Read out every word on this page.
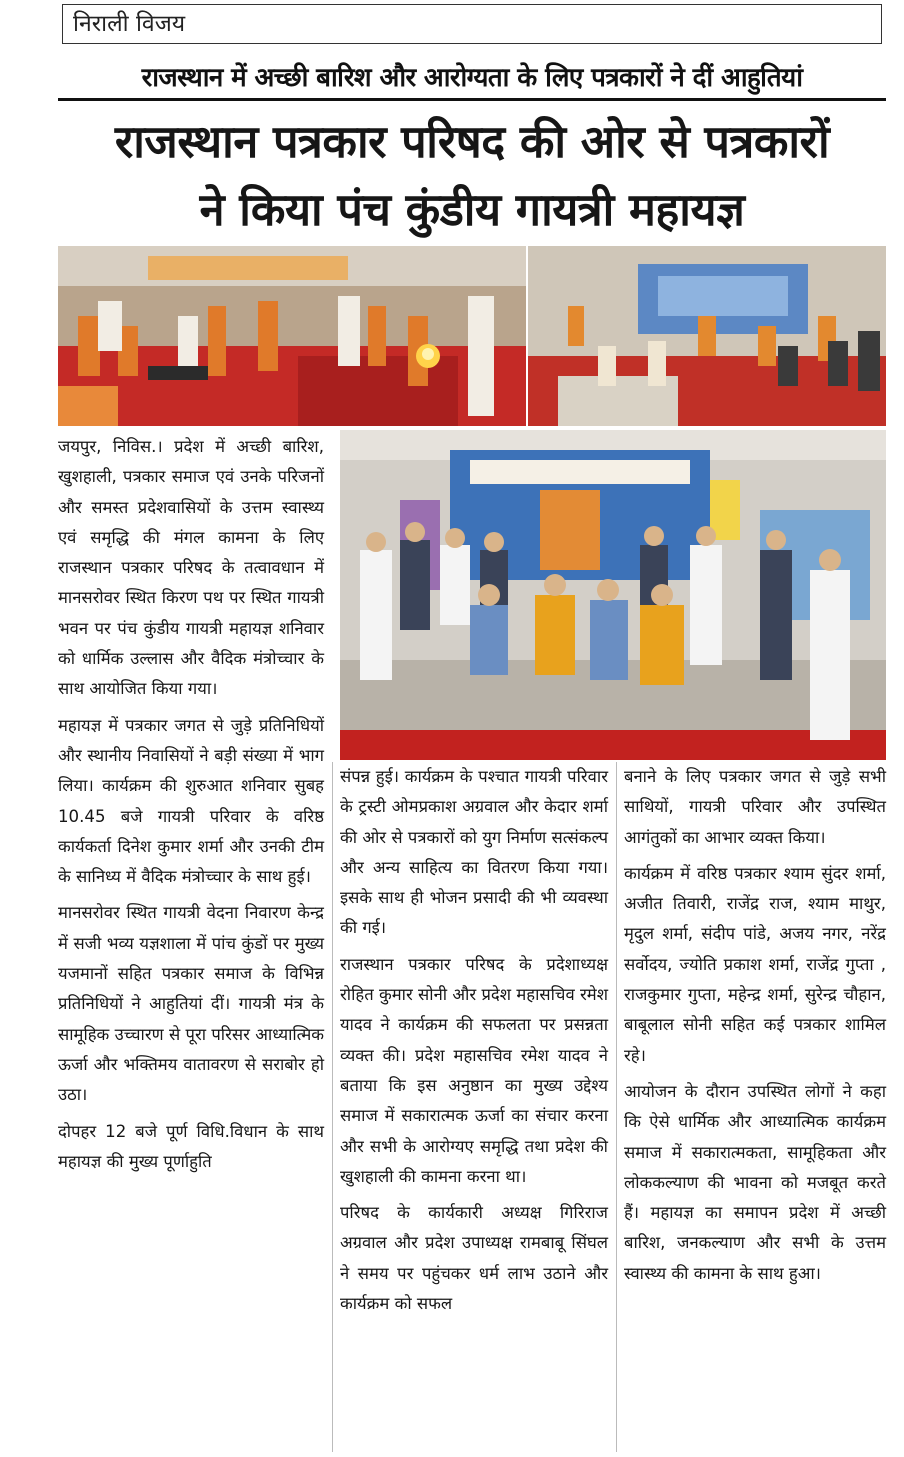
निराली विजय
राजस्थान में अच्छी बारिश और आरोग्यता के लिए पत्रकारों ने दीं आहुतियां
राजस्थान पत्रकार परिषद की ओर से पत्रकारों
ने किया पंच कुंडीय गायत्री महायज्ञ

जयपुर, निविस.। प्रदेश में अच्छी बारिश, खुशहाली, पत्रकार समाज एवं उनके परिजनों और समस्त प्रदेशवासियों के उत्तम स्वास्थ्य एवं समृद्धि की मंगल कामना के लिए राजस्थान पत्रकार परिषद के तत्वावधान में मानसरोवर स्थित किरण पथ पर स्थित गायत्री भवन पर पंच कुंडीय गायत्री महायज्ञ शनिवार को धार्मिक उल्लास और वैदिक मंत्रोच्चार के साथ आयोजित किया गया।

महायज्ञ में पत्रकार जगत से जुड़े प्रतिनिधियों और स्थानीय निवासियों ने बड़ी संख्या में भाग लिया। कार्यक्रम की शुरुआत शनिवार सुबह 10.45 बजे गायत्री परिवार के वरिष्ठ कार्यकर्ता दिनेश कुमार शर्मा और उनकी टीम के सानिध्य में वैदिक मंत्रोच्चार के साथ हुई।

मानसरोवर स्थित गायत्री वेदना निवारण केन्द्र में सजी भव्य यज्ञशाला में पांच कुंडों पर मुख्य यजमानों सहित पत्रकार समाज के विभिन्न प्रतिनिधियों ने आहुतियां दीं। गायत्री मंत्र के सामूहिक उच्चारण से पूरा परिसर आध्यात्मिक ऊर्जा और भक्तिमय वातावरण से सराबोर हो उठा।

दोपहर 12 बजे पूर्ण विधि.विधान के साथ महायज्ञ की मुख्य पूर्णाहुति

संपन्न हुई। कार्यक्रम के पश्चात गायत्री परिवार के ट्रस्टी ओमप्रकाश अग्रवाल और केदार शर्मा की ओर से पत्रकारों को युग निर्माण सत्संकल्प और अन्य साहित्य का वितरण किया गया। इसके साथ ही भोजन प्रसादी की भी व्यवस्था की गई।

राजस्थान पत्रकार परिषद के प्रदेशाध्यक्ष रोहित कुमार सोनी और प्रदेश महासचिव रमेश यादव ने कार्यक्रम की सफलता पर प्रसन्नता व्यक्त की। प्रदेश महासचिव रमेश यादव ने बताया कि इस अनुष्ठान का मुख्य उद्देश्य समाज में सकारात्मक ऊर्जा का संचार करना और सभी के आरोग्यए समृद्धि तथा प्रदेश की खुशहाली की कामना करना था।

परिषद के कार्यकारी अध्यक्ष गिरिराज अग्रवाल और प्रदेश उपाध्यक्ष रामबाबू सिंघल ने समय पर पहुंचकर धर्म लाभ उठाने और कार्यक्रम को सफल

बनाने के लिए पत्रकार जगत से जुड़े सभी साथियों, गायत्री परिवार और उपस्थित आगंतुकों का आभार व्यक्त किया।

कार्यक्रम में वरिष्ठ पत्रकार श्याम सुंदर शर्मा, अजीत तिवारी, राजेंद्र राज, श्याम माथुर, मृदुल शर्मा, संदीप पांडे, अजय नगर, नरेंद्र सर्वोदय, ज्योति प्रकाश शर्मा, राजेंद्र गुप्ता , राजकुमार गुप्ता, महेन्द्र शर्मा, सुरेन्द्र चौहान, बाबूलाल सोनी सहित कई पत्रकार शामिल रहे।

आयोजन के दौरान उपस्थित लोगों ने कहा कि ऐसे धार्मिक और आध्यात्मिक कार्यक्रम समाज में सकारात्मकता, सामूहिकता और लोककल्याण की भावना को मजबूत करते हैं। महायज्ञ का समापन प्रदेश में अच्छी बारिश, जनकल्याण और सभी के उत्तम स्वास्थ्य की कामना के साथ हुआ।
